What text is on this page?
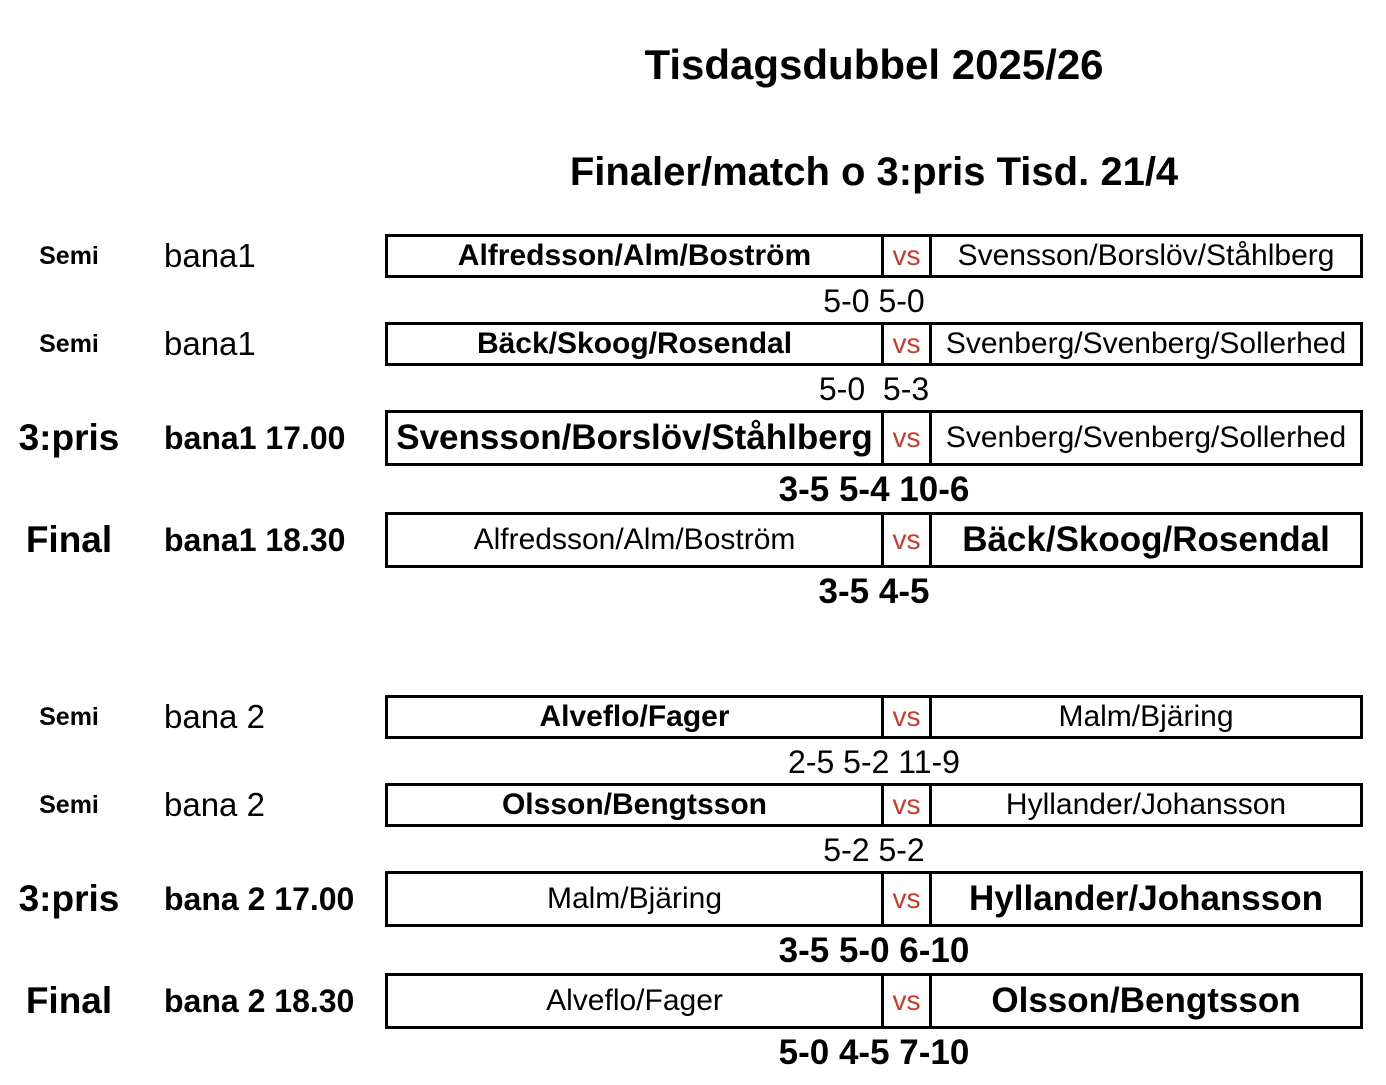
Tisdagsdubbel 2025/26
Finaler/match o 3:pris Tisd. 21/4
Semi	bana1	Alfredsson/Alm/Boström	vs	Svensson/Borslöv/Ståhlberg
5-0 5-0
Semi	bana1	Bäck/Skoog/Rosendal	vs Svenberg/Svenberg/Sollerhed
5-0  5-3
3:pris	bana1 17.00	Svensson/Borslöv/Ståhlberg vs Svenberg/Svenberg/Sollerhed
3-5 5-4 10-6
Final	bana1 18.30	Alfredsson/Alm/Boström	vs	Bäck/Skoog/Rosendal
3-5 4-5
Semi	bana 2	Alveflo/Fager	vs	Malm/Bjäring
2-5 5-2 11-9
Semi	bana 2	Olsson/Bengtsson	vs	Hyllander/Johansson
5-2 5-2
3:pris	bana 2 17.00	Malm/Bjäring	vs	Hyllander/Johansson
3-5 5-0 6-10
Final	bana 2 18.30	Alveflo/Fager	vs	Olsson/Bengtsson
5-0 4-5 7-10
